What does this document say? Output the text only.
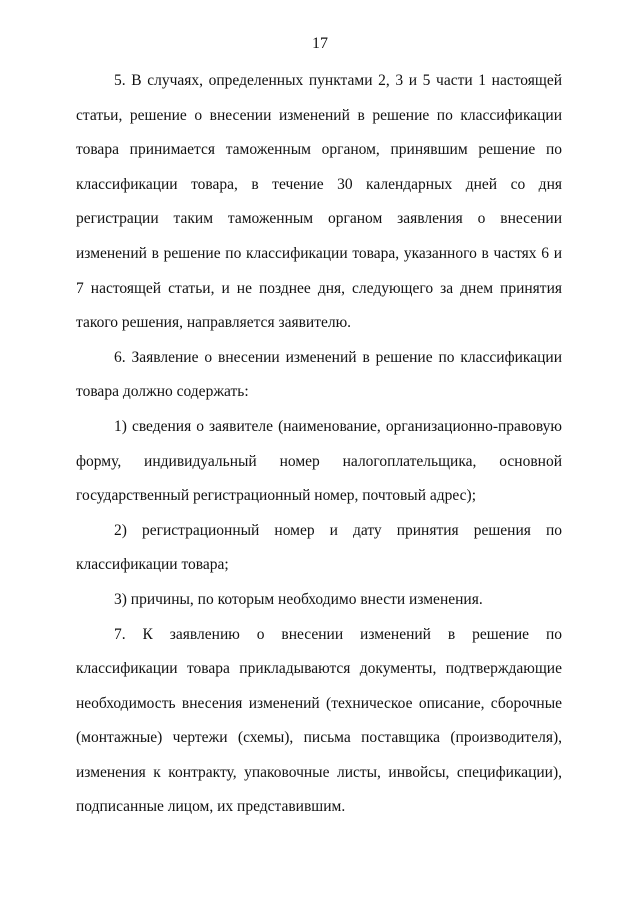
17

5. В случаях, определенных пунктами 2, 3 и 5 части 1 настоящей статьи, решение о внесении изменений в решение по классификации товара принимается таможенным органом, принявшим решение по классификации товара, в течение 30 календарных дней со дня регистрации таким таможенным органом заявления о внесении изменений в решение по классификации товара, указанного в частях 6 и 7 настоящей статьи, и не позднее дня, следующего за днем принятия такого решения, направляется заявителю.

6. Заявление о внесении изменений в решение по классификации товара должно содержать:

1) сведения о заявителе (наименование, организационно-правовую форму, индивидуальный номер налогоплательщика, основной государственный регистрационный номер, почтовый адрес);

2) регистрационный номер и дату принятия решения по классификации товара;

3) причины, по которым необходимо внести изменения.

7. К заявлению о внесении изменений в решение по классификации товара прикладываются документы, подтверждающие необходимость внесения изменений (техническое описание, сборочные (монтажные) чертежи (схемы), письма поставщика (производителя), изменения к контракту, упаковочные листы, инвойсы, спецификации), подписанные лицом, их представившим.
